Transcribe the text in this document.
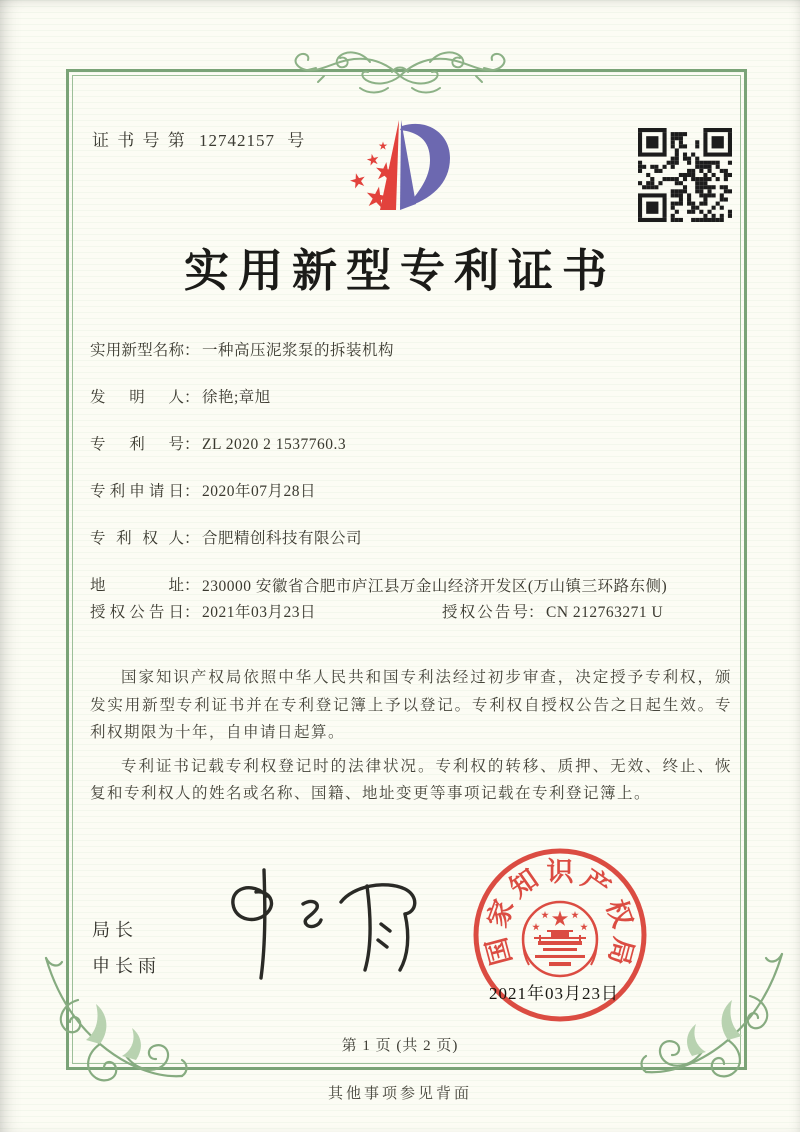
证 书 号 第 12742157 号
实用新型专利证书
实用新型名称 ： 一种高压泥浆泵的拆装机构
发明人 ： 徐艳;章旭
专利号 ： ZL 2020 2 1537760.3
专利申请日 ： 2020年07月28日
专利权人 ： 合肥精创科技有限公司
地址 ： 230000 安徽省合肥市庐江县万金山经济开发区(万山镇三环路东侧)
授权公告日 ： 2021年03月23日	授权公告号 ： CN 212763271 U

国家知识产权局依照中华人民共和国专利法经过初步审查，决定授予专利权，颁发实用新型专利证书并在专利登记簿上予以登记。专利权自授权公告之日起生效。专利权期限为十年，自申请日起算。

专利证书记载专利权登记时的法律状况。专利权的转移、质押、无效、终止、恢复和专利权人的姓名或名称、国籍、地址变更等事项记载在专利登记簿上。

局长
申长雨	国
家
知 识 产
权
局
2021年03月23日
第 1 页 (共 2 页)
其他事项参见背面
